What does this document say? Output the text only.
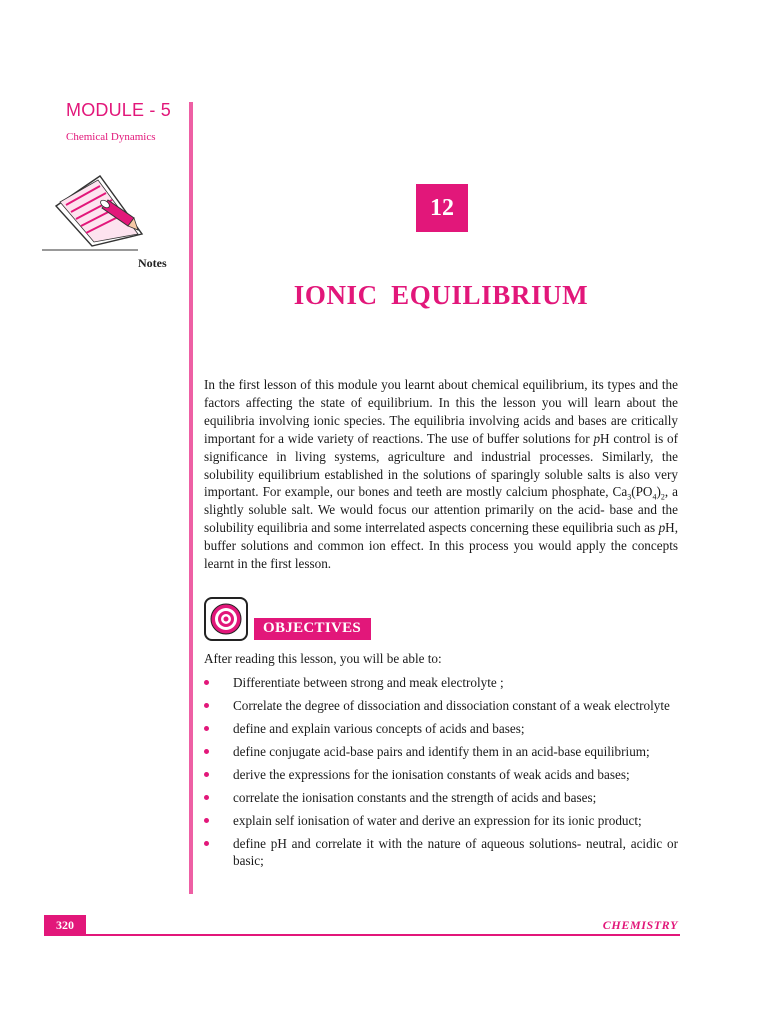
MODULE - 5
Chemical Dynamics
Notes
12
IONIC EQUILIBRIUM

In the first lesson of this module you learnt about chemical equilibrium, its types and the factors affecting the state of equilibrium. In this the lesson you will learn about the equilibria involving ionic species. The equilibria involving acids and bases are critically important for a wide variety of reactions. The use of buffer solutions for pH control is of significance in living systems, agriculture and industrial processes. Similarly, the solubility equilibrium established in the solutions of sparingly soluble salts is also very important. For example, our bones and teeth are mostly calcium phosphate, $Ca_3(PO_4)_2$, a slightly soluble salt. We would focus our attention primarily on the acid- base and the solubility equilibria and some interrelated aspects concerning these equilibria such as pH, buffer solutions and common ion effect. In this process you would apply the concepts learnt in the first lesson.

OBJECTIVES
After reading this lesson, you will be able to:
Differentiate between strong and meak electrolyte ;
Correlate the degree of dissociation and dissociation constant of a weak electrolyte
define and explain various concepts of acids and bases;
define conjugate acid-base pairs and identify them in an acid-base equilibrium;
derive the expressions for the ionisation constants of weak acids and bases;
correlate the ionisation constants and the strength of acids and bases;
explain self ionisation of water and derive an expression for its ionic product;
define pH and correlate it with the nature of aqueous solutions- neutral, acidic or basic;
320	CHEMISTRY
